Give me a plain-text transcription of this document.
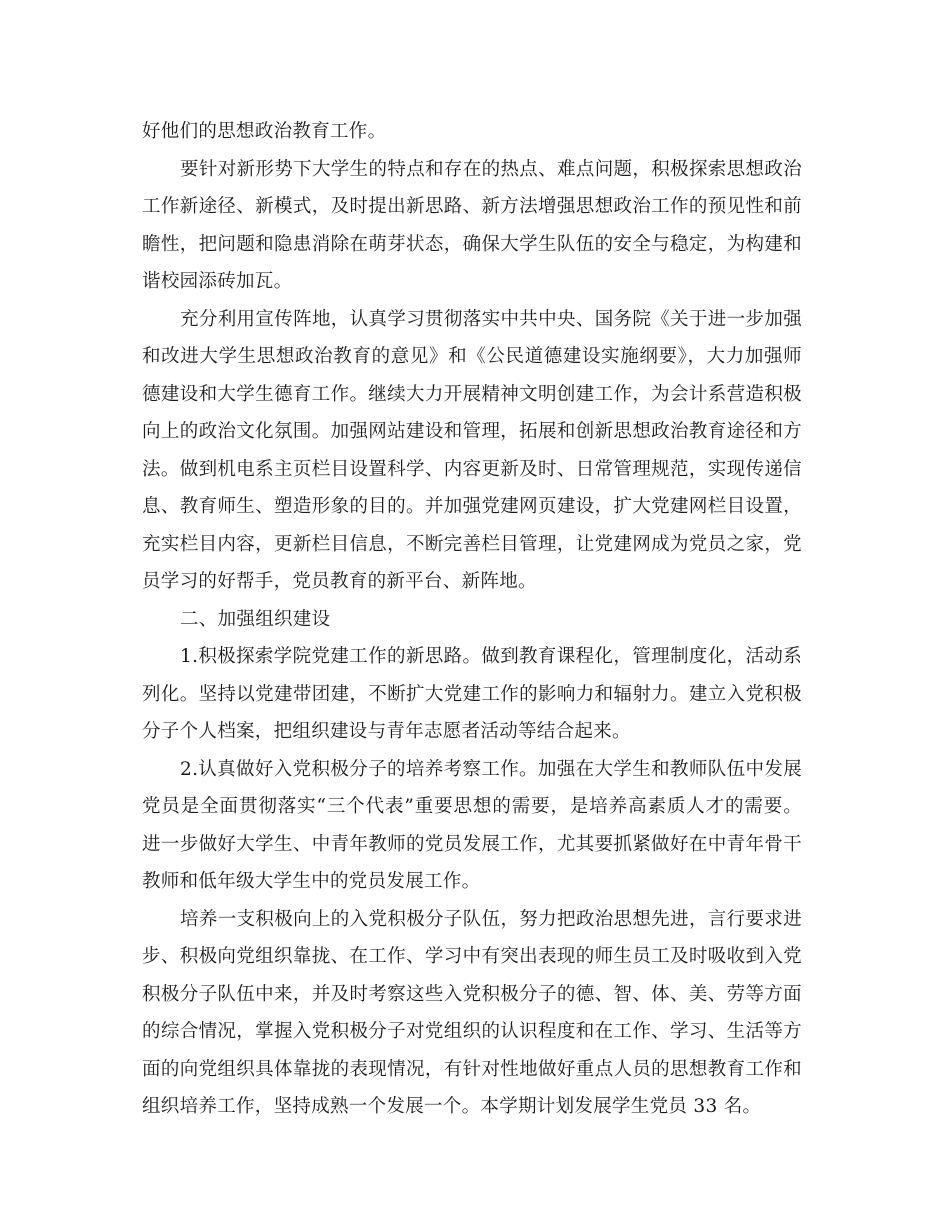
好他们的思想政治教育工作。
要针对新形势下大学生的特点和存在的热点、难点问题，积极探索思想政治
工作新途径、新模式，及时提出新思路、新方法增强思想政治工作的预见性和前
瞻性，把问题和隐患消除在萌芽状态，确保大学生队伍的安全与稳定，为构建和
谐校园添砖加瓦。
充分利用宣传阵地，认真学习贯彻落实中共中央、国务院《关于进一步加强
和改进大学生思想政治教育的意见》和《公民道德建设实施纲要》，大力加强师
德建设和大学生德育工作。继续大力开展精神文明创建工作，为会计系营造积极
向上的政治文化氛围。加强网站建设和管理，拓展和创新思想政治教育途径和方
法。做到机电系主页栏目设置科学、内容更新及时、日常管理规范，实现传递信
息、教育师生、塑造形象的目的。并加强党建网页建设，扩大党建网栏目设置，
充实栏目内容，更新栏目信息，不断完善栏目管理，让党建网成为党员之家，党
员学习的好帮手，党员教育的新平台、新阵地。
二、加强组织建设
1.积极探索学院党建工作的新思路。做到教育课程化，管理制度化，活动系
列化。坚持以党建带团建，不断扩大党建工作的影响力和辐射力。建立入党积极
分子个人档案，把组织建设与青年志愿者活动等结合起来。
2.认真做好入党积极分子的培养考察工作。加强在大学生和教师队伍中发展
党员是全面贯彻落实“三个代表”重要思想的需要，是培养高素质人才的需要。
进一步做好大学生、中青年教师的党员发展工作，尤其要抓紧做好在中青年骨干
教师和低年级大学生中的党员发展工作。
培养一支积极向上的入党积极分子队伍，努力把政治思想先进，言行要求进
步、积极向党组织靠拢、在工作、学习中有突出表现的师生员工及时吸收到入党
积极分子队伍中来，并及时考察这些入党积极分子的德、智、体、美、劳等方面
的综合情况，掌握入党积极分子对党组织的认识程度和在工作、学习、生活等方
面的向党组织具体靠拢的表现情况，有针对性地做好重点人员的思想教育工作和
组织培养工作，坚持成熟一个发展一个。本学期计划发展学生党员 33 名。
